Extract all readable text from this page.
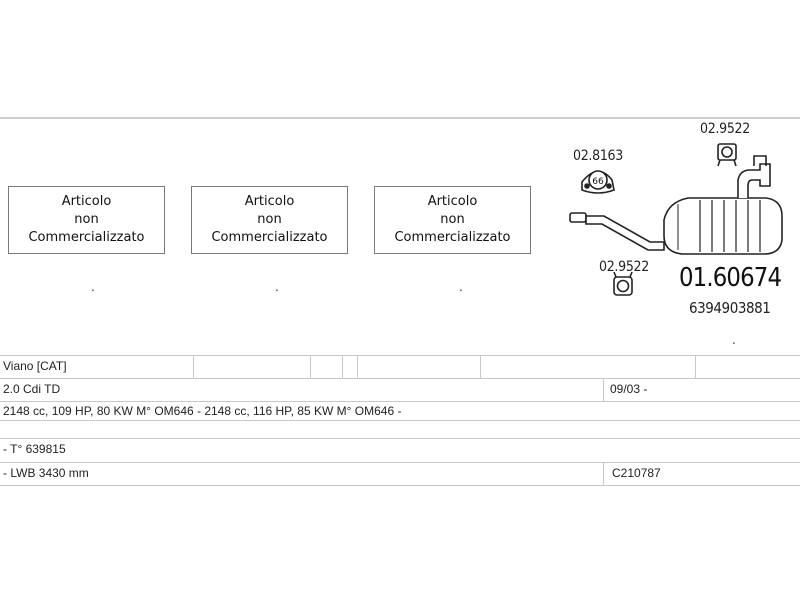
Articolo
non
Commercializzato
Articolo
non
Commercializzato
Articolo
non
Commercializzato
.	.	.
.
66
02.9522
02.8163
02.9522 01.60674
6394903881
Viano [CAT]
2.0 Cdi TD	09/03 -
2148 cc, 109 HP, 80 KW M° OM646 - 2148 cc, 116 HP, 85 KW M° OM646 -
- T° 639815
- LWB 3430 mm	C210787
